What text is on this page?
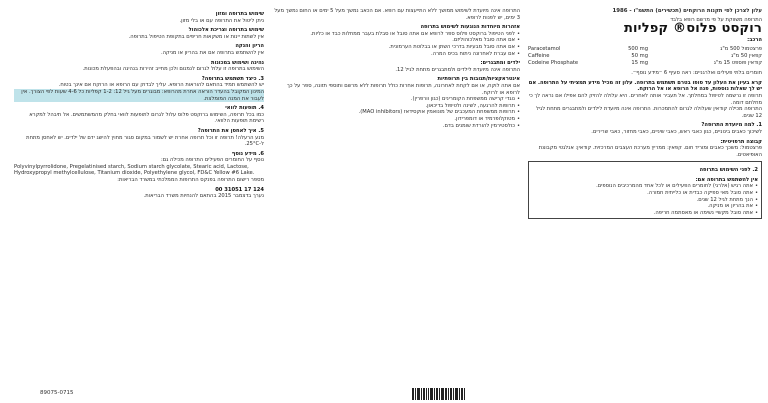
עלון לצרכן לפי תקנות הרוקחים (תכשירים) התשמ"ו - 1986
התרופה משווקת על פי מרשם רופא בלבד
רוקסט פלוס® קפליות
הרכב:
פרצטמול 500 מ"ג
קפאין 50 מ"ג
קודאין פוספט 15 מ"ג
Paracetamol	500 mg
Caffeine	50 mg
Codeine Phosphate	15 mg
חומרים בלתי פעילים ואלרגניים: ראה סעיף 6 ״מידע נוסף״.
קרא בעיון את העלון עד סופו בטרם תשתמש בתרופה. עלון זה מכיל מידע תמציתי על התרופה. אם יש לך שאלות נוספות, פנה אל הרופא או אל הרוקח.
תרופה זו נרשמה לטיפול במחלתך. אל תעביר אותה לאחרים. היא עלולה להזיק להם אפילו אם נראה לך כי מחלתם דומה.
התרופה מכילה קודאין שעלולה לגרום להתמכרות. התרופה אינה מיועדת לילדים ולמתבגרים מתחת לגיל 12 שנים.
1. למה מיועדת התרופה?
לשיכוך כאבים בינוניים, כגון כאבי ראש, כאבי שיניים, כאבי מחזור, כאבי שרירים.
קבוצה תרפויטית:
פרצטמול: משכך כאבים ומוריד חום. קפאין: ממריץ מערכת העצבים המרכזית. קודאין: אנלגטי מקבוצת האופיאטים.
2. לפני השימוש בתרופה
אין להשתמש בתרופה אם:
• אתה רגיש (אלרגי) לחומרים הפעילים או לכל אחד מהמרכיבים הנוספים.
• אתה סובל מאי ספיקה כבדית או כלייתית חמורה.
• הנך מתחת לגיל 12 שנים.
• את בהריון או מניקה.
• אתה סובל מקשיי נשימה או מאסתמה חריפה.
התרופה אינה מיועדת לשימוש ממושך ללא התייעצות עם רופא. אם הכאב נמשך מעל 5 ימים או החום נמשך מעל 3 ימים, יש לפנות לרופא.
אזהרות מיוחדות הנוגעות לשימוש בתרופה
• לפני הטיפול ברוקסט פלוס ספר לרופא אם אתה סובל או סבלת בעבר ממחלות כבד או כליות.
• אם אתה סובל מאלכוהוליזם.
• אם אתה סובל מבעיות בדרכי השתן או בבלוטת הערמונית.
• אם עברת לאחרונה ניתוח בכיס המרה.
ילדים ומתבגרים:
התרופה אינה מיועדת לילדים ולמתבגרים מתחת לגיל 12.
אינטראקציות/תגובות בין תרופתיות
אם אתה לוקח, או אם לקחת לאחרונה, תרופות אחרות כולל תרופות ללא מרשם ותוספי תזונה, ספר על כך לרופא או לרוקח.
• נוגדי קרישה ממשפחת הקומרינים (כגון וורפרין).
• תרופות להרגעה, לשינה ולטיפול בדיכאון.
• תרופות ממשפחת המעכבים של מונואמין אוקסידאז (MAO inhibitors).
• מטוקלופרמיד או דומפרידון.
• כולסטירמין להורדת שומנים בדם.
שימוש בתרופה ומזון
ניתן ליטול את התרופה עם או בלי מזון.
שימוש בתרופה וצריכת אלכוהול
אין לשתות יינות או משקאות חריפים בתקופת הטיפול בתרופה.
הריון והנקה
אין להשתמש בתרופה אם את בהריון או מניקה.
נהיגה ושימוש במכונות
השימוש בתרופה זו עלול לגרום לנמנום ולכן מחייב זהירות בנהיגה ובהפעלת מכונות.
3. כיצד תשתמש בתרופה?
יש להשתמש תמיד בהתאם להוראות הרופא. עליך לבדוק עם הרופא או הרוקח אם אינך בטוח.
המינון המקובל בהעדר הוראה אחרת מהרופא: מבוגרים מעל גיל 12: 1-2 קפליות כל 4-6 שעות לפי הצורך. אין לעבור את המנה המומלצת.
4. תופעות לוואי
כמו בכל תרופה, השימוש ברוקסט פלוס עלול לגרום לתופעות לוואי בחלק מהמשתמשים. אל תיבהל למקרא רשימת תופעות הלוואי.
5. איך לאחסן את התרופה?
מנע הרעלה! תרופה זו וכל תרופה אחרת יש לשמור במקום סגור מחוץ להישג ידם של ילדים. יש לאחסן מתחת ל-25°C.
6. מידע נוסף
נוסף על החומרים הפעילים התרופה מכילה גם:
Polyvinylpyrrolidone, Pregelatinised starch, Sodium starch glycolate, Stearic acid, Lactose, Hydroxypropyl methylcellulose, Titanium dioxide, Polyethylene glycol, FD&C Yellow #6 Lake.
מספר רישום התרופה בפנקס התרופות הממלכתי במשרד הבריאות:
124 17 31051 00
נערך בדצמבר 2015 בהתאם להנחיות משרד הבריאות.
89075-0715
